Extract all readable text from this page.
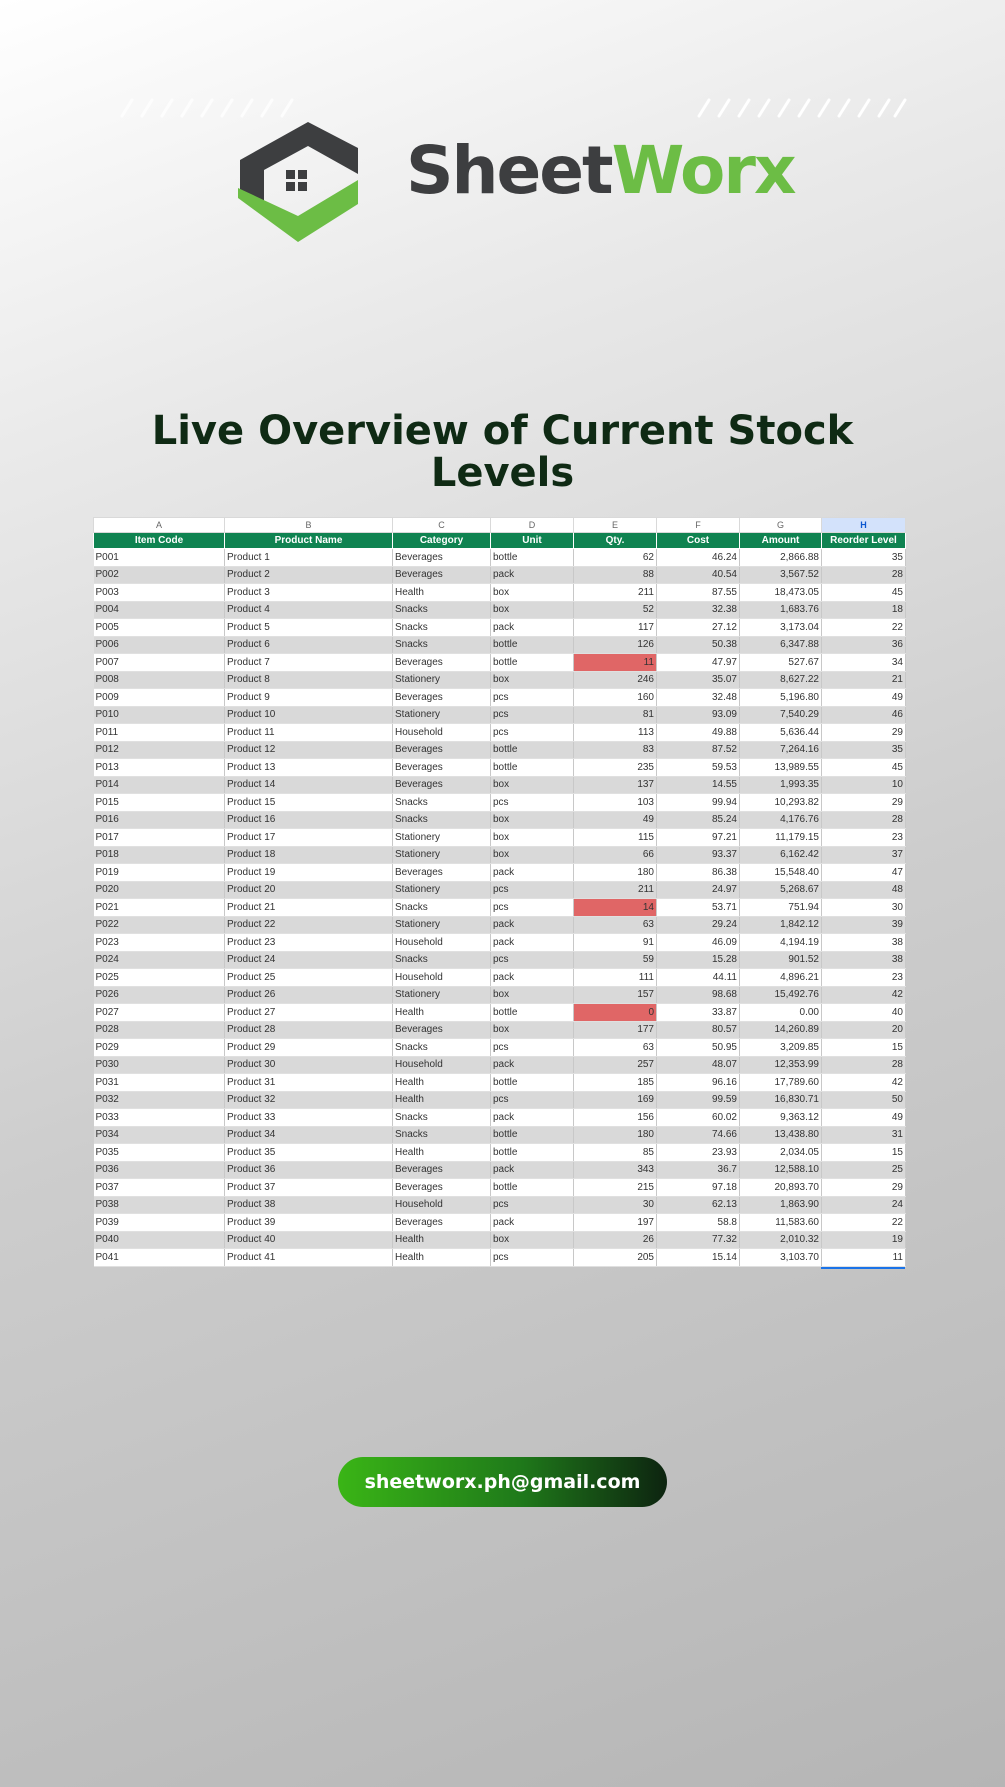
SheetWorx
Live Overview of Current Stock Levels
A	B	C	D	E	F	G	H
Item Code	Product Name	Category	Unit	Qty.	Cost	Amount	Reorder Level
P001	Product 1	Beverages	bottle	62	46.24	2,866.88	35
P002	Product 2	Beverages	pack	88	40.54	3,567.52	28
P003	Product 3	Health	box	211	87.55	18,473.05	45
P004	Product 4	Snacks	box	52	32.38	1,683.76	18
P005	Product 5	Snacks	pack	117	27.12	3,173.04	22
P006	Product 6	Snacks	bottle	126	50.38	6,347.88	36
P007	Product 7	Beverages	bottle	11	47.97	527.67	34
P008	Product 8	Stationery	box	246	35.07	8,627.22	21
P009	Product 9	Beverages	pcs	160	32.48	5,196.80	49
P010	Product 10	Stationery	pcs	81	93.09	7,540.29	46
P011	Product 11	Household	pcs	113	49.88	5,636.44	29
P012	Product 12	Beverages	bottle	83	87.52	7,264.16	35
P013	Product 13	Beverages	bottle	235	59.53	13,989.55	45
P014	Product 14	Beverages	box	137	14.55	1,993.35	10
P015	Product 15	Snacks	pcs	103	99.94	10,293.82	29
P016	Product 16	Snacks	box	49	85.24	4,176.76	28
P017	Product 17	Stationery	box	115	97.21	11,179.15	23
P018	Product 18	Stationery	box	66	93.37	6,162.42	37
P019	Product 19	Beverages	pack	180	86.38	15,548.40	47
P020	Product 20	Stationery	pcs	211	24.97	5,268.67	48
P021	Product 21	Snacks	pcs	14	53.71	751.94	30
P022	Product 22	Stationery	pack	63	29.24	1,842.12	39
P023	Product 23	Household	pack	91	46.09	4,194.19	38
P024	Product 24	Snacks	pcs	59	15.28	901.52	38
P025	Product 25	Household	pack	111	44.11	4,896.21	23
P026	Product 26	Stationery	box	157	98.68	15,492.76	42
P027	Product 27	Health	bottle	0	33.87	0.00	40
P028	Product 28	Beverages	box	177	80.57	14,260.89	20
P029	Product 29	Snacks	pcs	63	50.95	3,209.85	15
P030	Product 30	Household	pack	257	48.07	12,353.99	28
P031	Product 31	Health	bottle	185	96.16	17,789.60	42
P032	Product 32	Health	pcs	169	99.59	16,830.71	50
P033	Product 33	Snacks	pack	156	60.02	9,363.12	49
P034	Product 34	Snacks	bottle	180	74.66	13,438.80	31
P035	Product 35	Health	bottle	85	23.93	2,034.05	15
P036	Product 36	Beverages	pack	343	36.7	12,588.10	25
P037	Product 37	Beverages	bottle	215	97.18	20,893.70	29
P038	Product 38	Household	pcs	30	62.13	1,863.90	24
P039	Product 39	Beverages	pack	197	58.8	11,583.60	22
P040	Product 40	Health	box	26	77.32	2,010.32	19
P041	Product 41	Health	pcs	205	15.14	3,103.70	11
sheetworx.ph@gmail.com
